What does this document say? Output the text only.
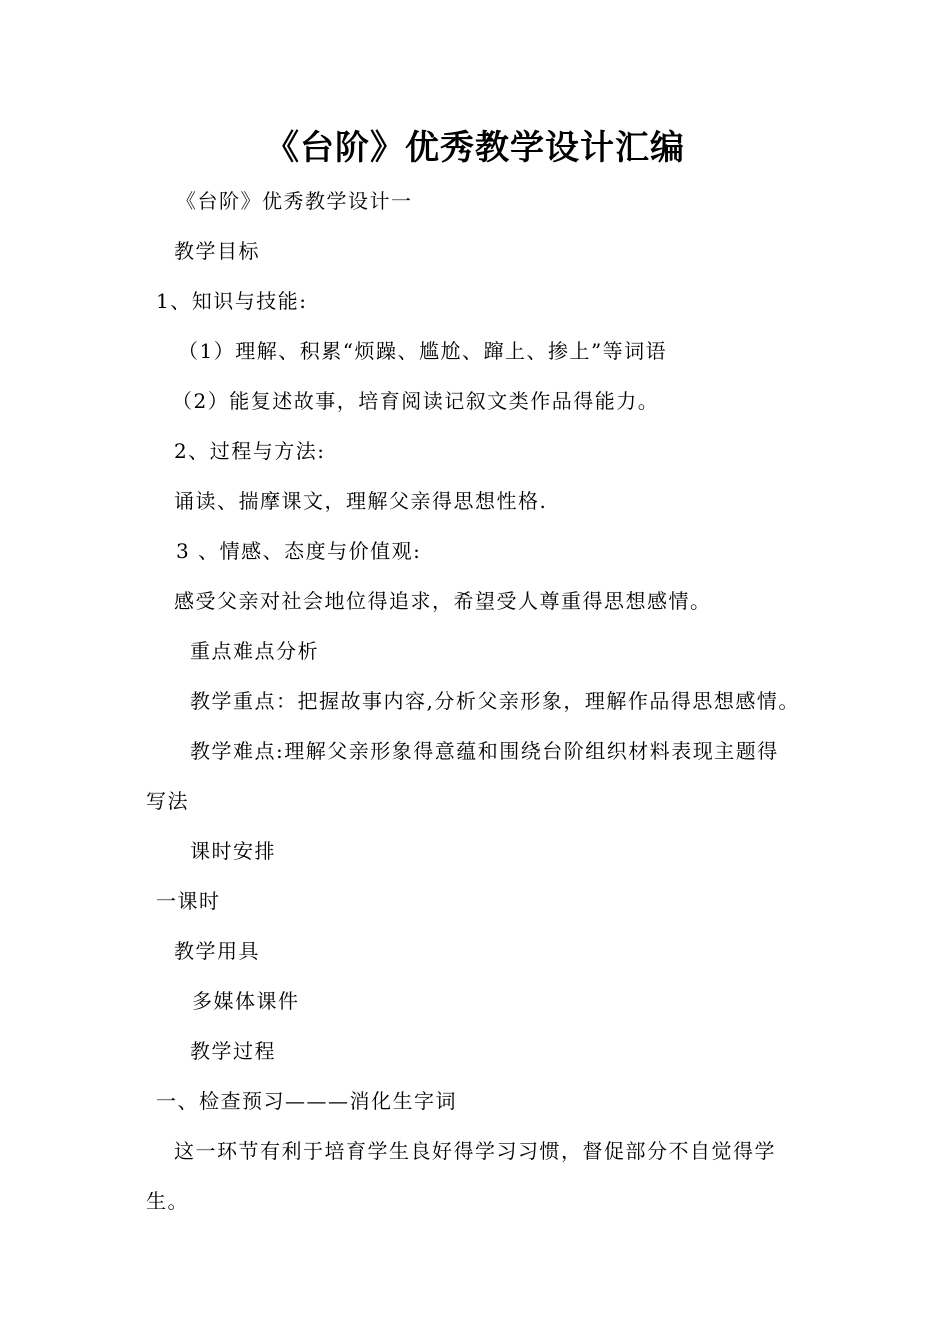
《台阶》优秀教学设计汇编
《台阶》优秀教学设计一
教学目标
1、知识与技能:
（1）理解、积累“烦躁、尴尬、蹿上、掺上”等词语
（2）能复述故事，培育阅读记叙文类作品得能力。
2、过程与方法:
诵读、揣摩课文，理解父亲得思想性格.
3 、情感、态度与价值观:
感受父亲对社会地位得追求，希望受人尊重得思想感情。
重点难点分析
教学重点：把握故事内容,分析父亲形象，理解作品得思想感情。
教学难点:理解父亲形象得意蕴和围绕台阶组织材料表现主题得
写法
课时安排
一课时
教学用具
多媒体课件
教学过程
一、检查预习———消化生字词
这一环节有利于培育学生良好得学习习惯，督促部分不自觉得学
生。
